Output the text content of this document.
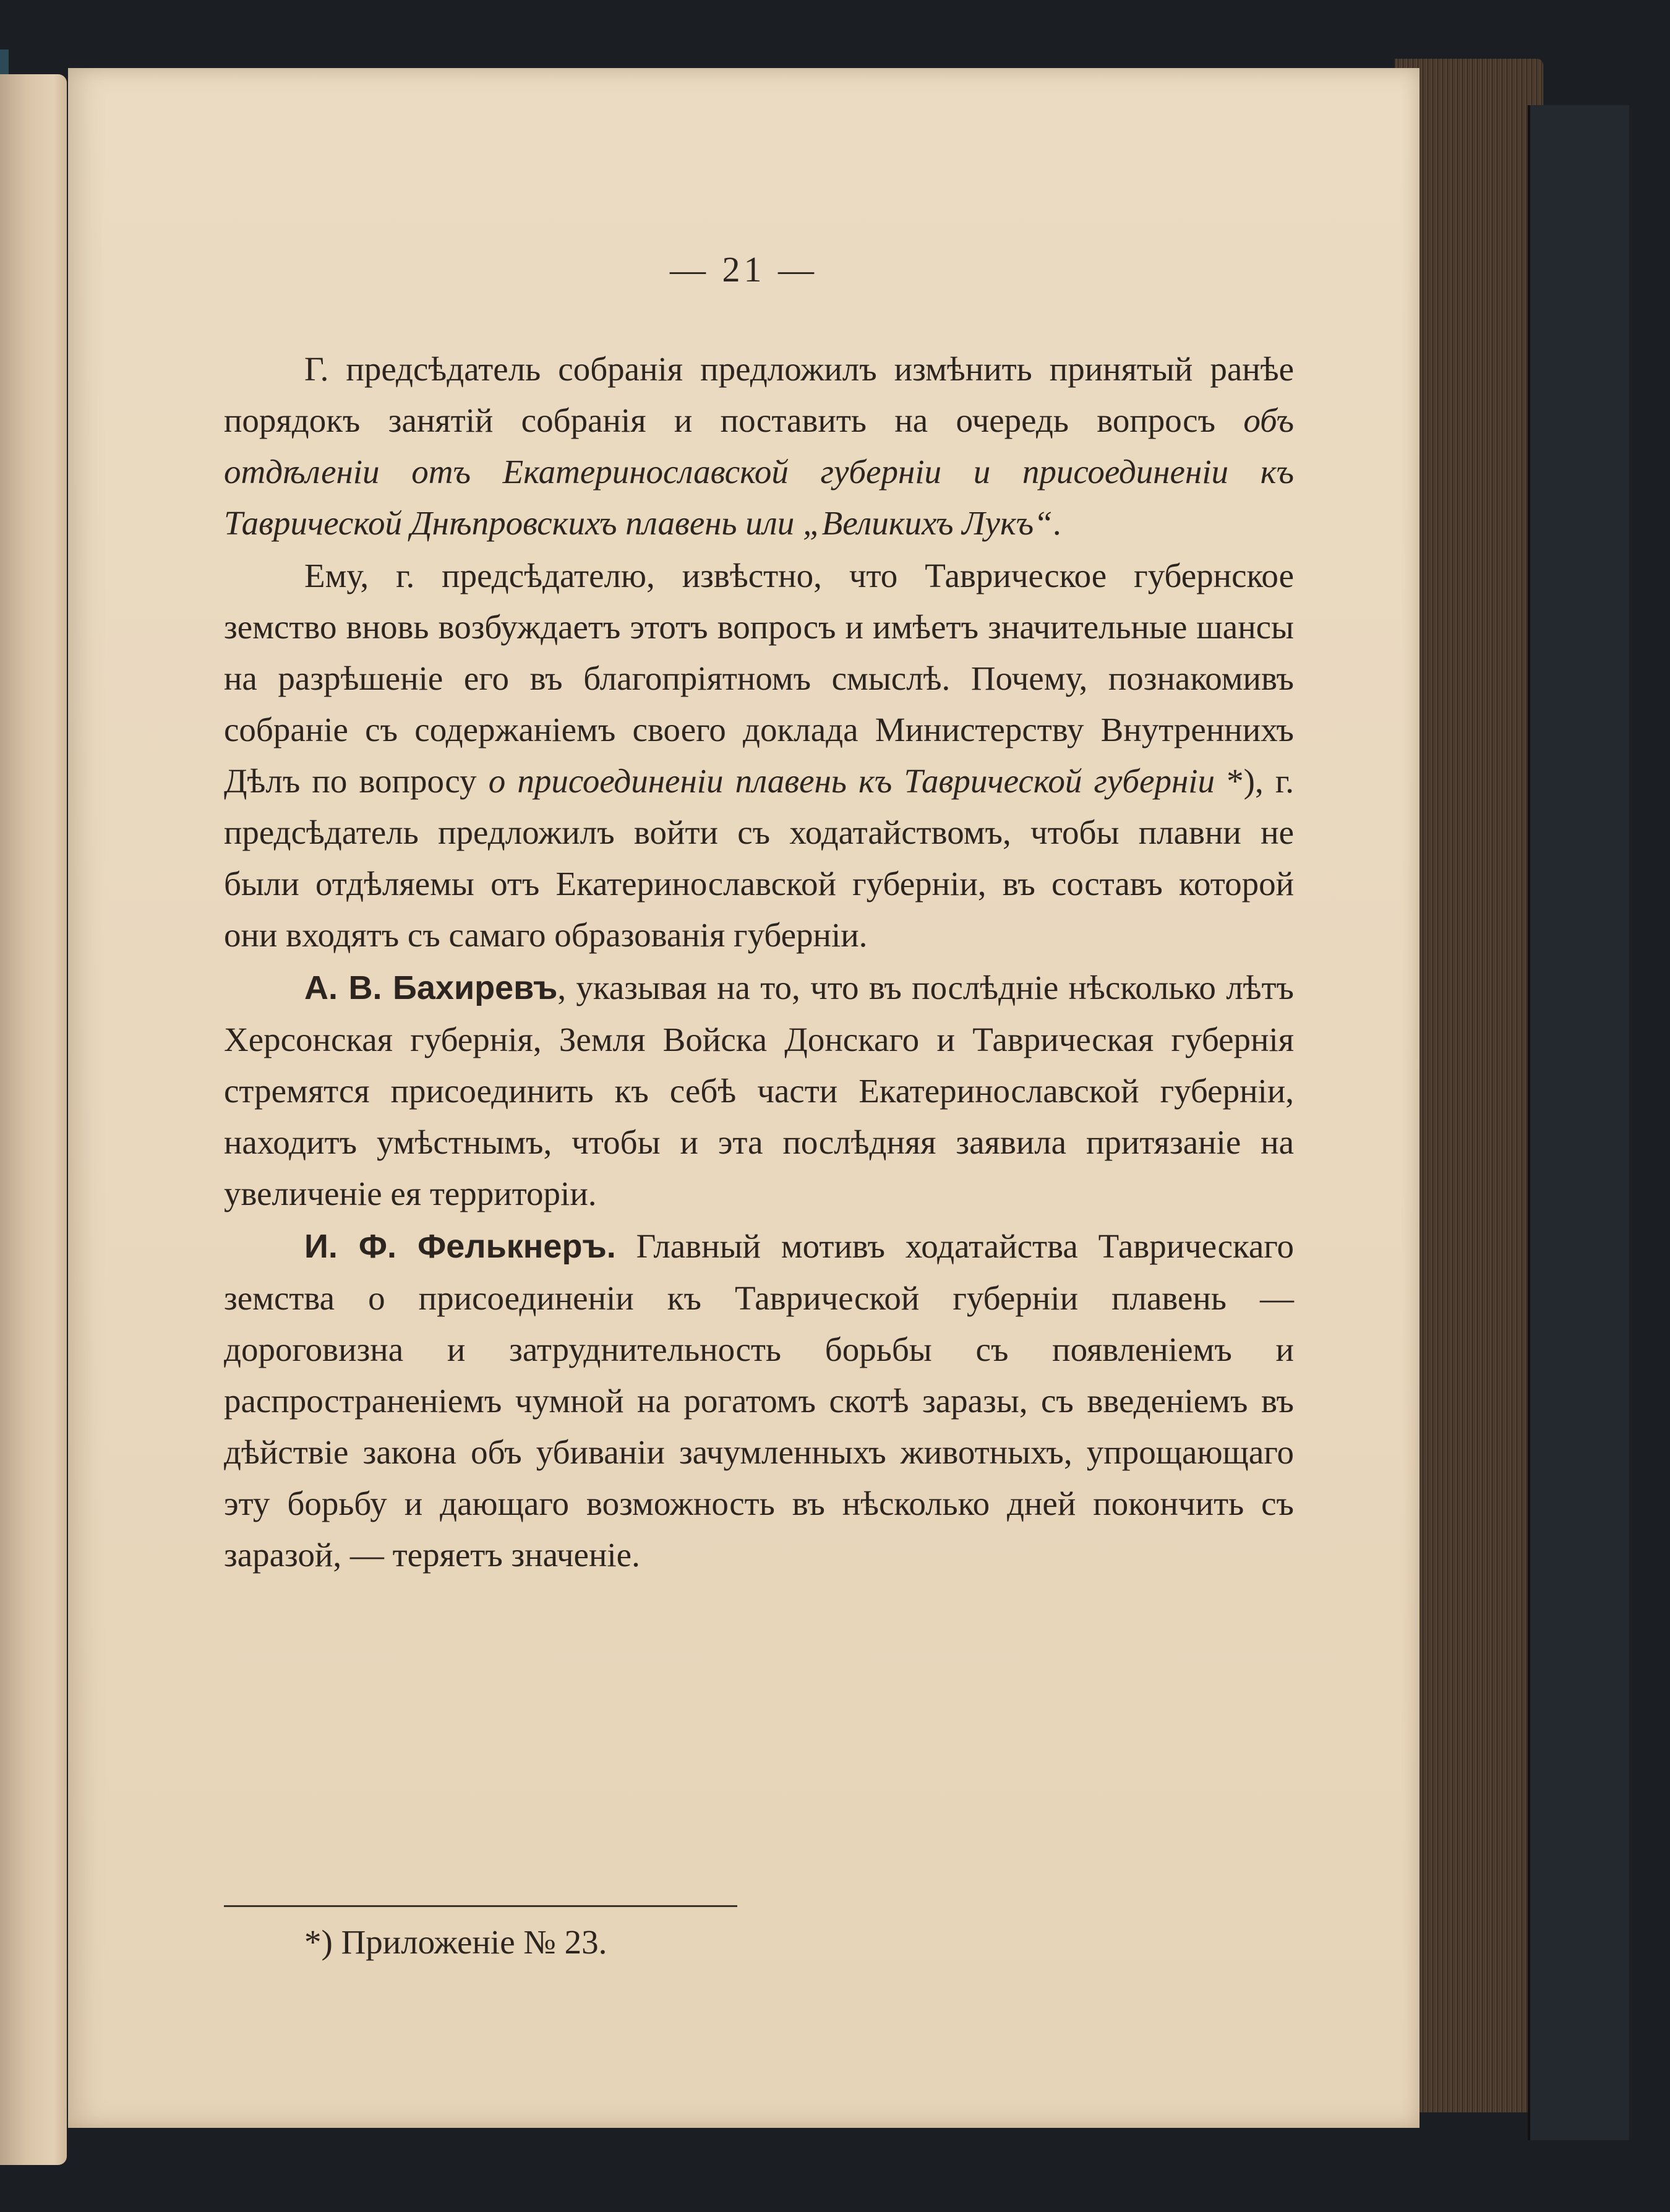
— 21 —

Г. предсѣдатель собранія предложилъ измѣнить принятый ранѣе порядокъ занятій собранія и поставить на очередь вопросъ объ отдѣленіи отъ Екатеринославской губерніи и присоединеніи къ Таврической Днѣпровскихъ плавень или „Великихъ Лукъ“.

Ему, г. предсѣдателю, извѣстно, что Таврическое губернское земство вновь возбуждаетъ этотъ вопросъ и имѣетъ значительные шансы на разрѣшеніе его въ благопріятномъ смыслѣ. Почему, познакомивъ собраніе съ содержаніемъ своего доклада Министерству Внутреннихъ Дѣлъ по вопросу о присоединеніи плавень къ Таврической губерніи *), г. предсѣдатель предложилъ войти съ ходатайствомъ, чтобы плавни не были отдѣляемы отъ Екатеринославской губерніи, въ составъ которой они входятъ съ самаго образованія губерніи.

А. В. Бахиревъ, указывая на то, что въ послѣдніе нѣсколько лѣтъ Херсонская губернія, Земля Войска Донскаго и Таврическая губернія стремятся присоединить къ себѣ части Екатеринославской губерніи, находитъ умѣстнымъ, чтобы и эта послѣдняя заявила притязаніе на увеличеніе ея территоріи.

И. Ф. Фелькнеръ. Главный мотивъ ходатайства Таврическаго земства о присоединеніи къ Таврической губерніи плавень — дороговизна и затруднительность борьбы съ появленіемъ и распространеніемъ чумной на рогатомъ скотѣ заразы, съ введеніемъ въ дѣйствіе закона объ убиваніи зачумленныхъ животныхъ, упрощающаго эту борьбу и дающаго возможность въ нѣсколько дней покончить съ заразой, — теряетъ значеніе.

*) Приложеніе № 23.
